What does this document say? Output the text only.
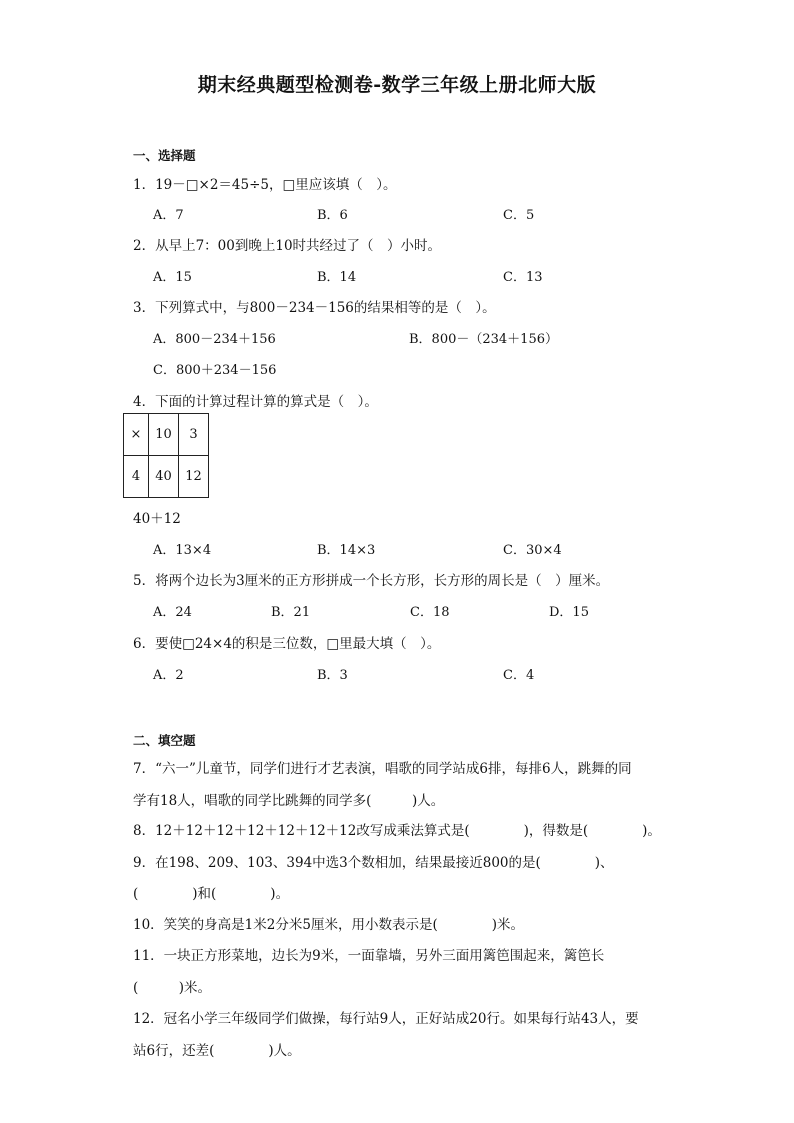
期末经典题型检测卷-数学三年级上册北师大版
一、选择题
1．19－□×2＝45÷5，□里应该填（　）。
A．7	B．6	C．5
2．从早上7：00到晚上10时共经过了（　）小时。
A．15	B．14	C．13
3．下列算式中，与800－234－156的结果相等的是（　）。
A．800－234＋156	B．800－（234＋156）
C．800＋234－156
4．下面的计算过程计算的算式是（　）。
×	10	3
4	40	12
40＋12
A．13×4	B．14×3	C．30×4
5．将两个边长为3厘米的正方形拼成一个长方形，长方形的周长是（　）厘米。
A．24	B．21	C．18	D．15
6．要使□24×4的积是三位数，□里最大填（　）。
A．2	B．3	C．4
二、填空题
7．“六一”儿童节，同学们进行才艺表演，唱歌的同学站成6排，每排6人，跳舞的同
学有18人，唱歌的同学比跳舞的同学多(　　　)人。
8．12＋12＋12＋12＋12＋12＋12改写成乘法算式是(　　　　)，得数是(　　　　)。
9．在198、209、103、394中选3个数相加，结果最接近800的是(　　　　)、
(　　　　)和(　　　　)。
10．笑笑的身高是1米2分米5厘米，用小数表示是(　　　　)米。
11．一块正方形菜地，边长为9米，一面靠墙，另外三面用篱笆围起来，篱笆长
(　　　)米。
12．冠名小学三年级同学们做操，每行站9人，正好站成20行。如果每行站43人，要
站6行，还差(　　　　)人。
